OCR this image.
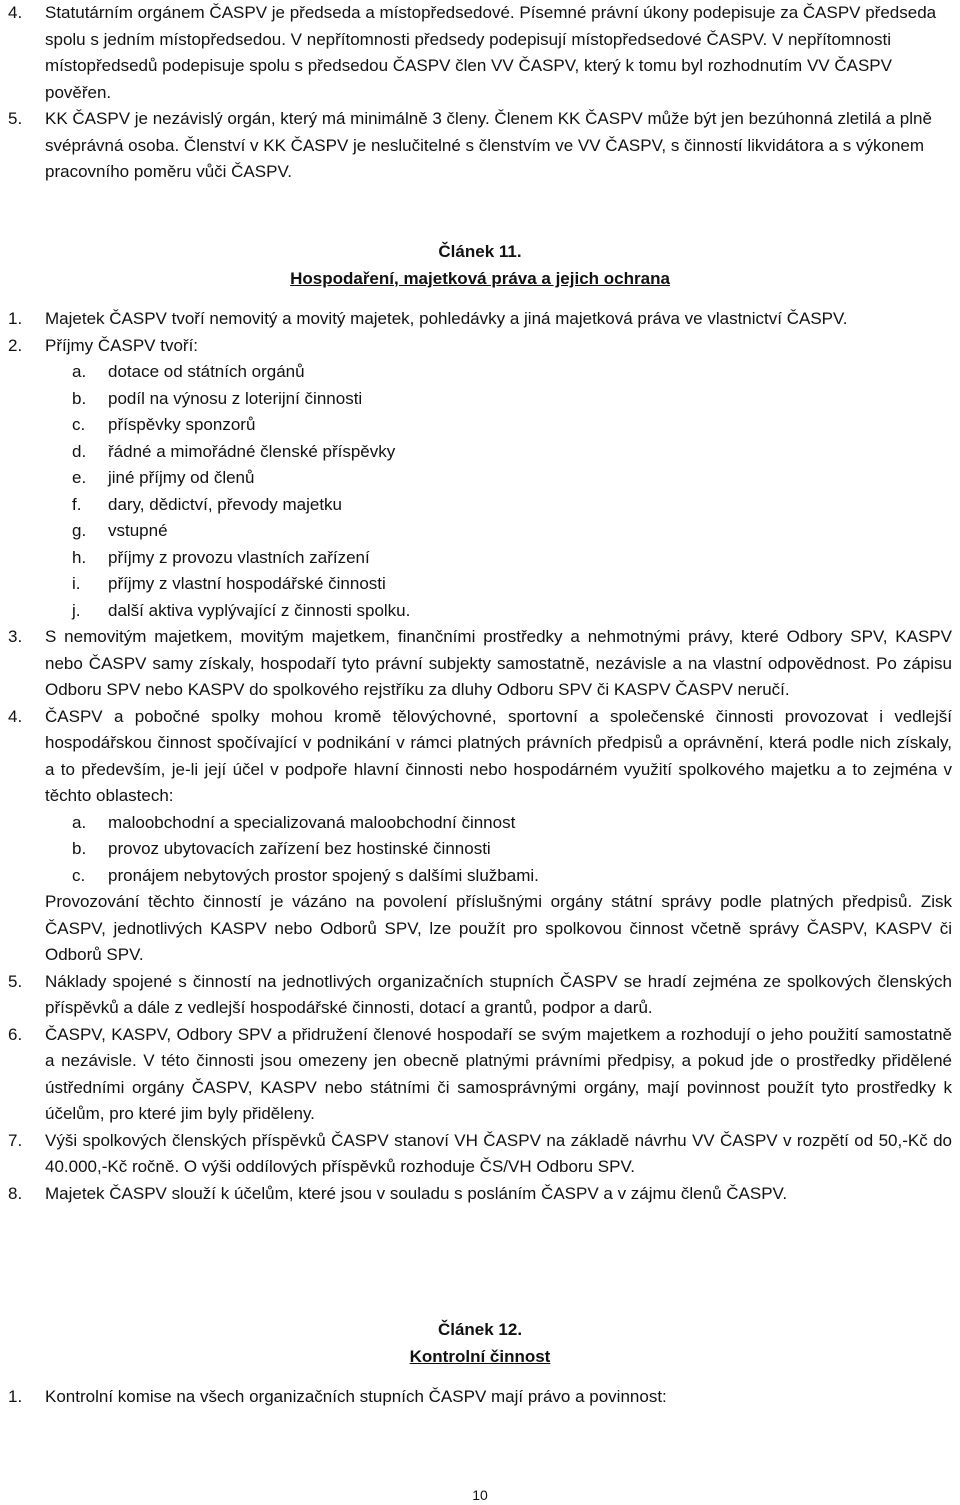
4. Statutárním orgánem ČASPV je předseda a místopředsedové. Písemné právní úkony podepisuje za ČASPV předseda spolu s jedním místopředsedou. V nepřítomnosti předsedy podepisují místopředsedové ČASPV. V nepřítomnosti místopředsedů podepisuje spolu s předsedou ČASPV člen VV ČASPV, který k tomu byl rozhodnutím VV ČASPV pověřen.
5. KK ČASPV je nezávislý orgán, který má minimálně 3 členy. Členem KK ČASPV může být jen bezúhonná zletilá a plně svéprávná osoba. Členství v KK ČASPV je neslučitelné s členstvím ve VV ČASPV, s činností likvidátora a s výkonem pracovního poměru vůči ČASPV.
Článek 11.
Hospodaření, majetková práva a jejich ochrana
1. Majetek ČASPV tvoří nemovitý a movitý majetek, pohledávky a jiná majetková práva ve vlastnictví ČASPV.
2. Příjmy ČASPV tvoří:
a. dotace od státních orgánů
b. podíl na výnosu z loterijní činnosti
c. příspěvky sponzorů
d. řádné a mimořádné členské příspěvky
e. jiné příjmy od členů
f. dary, dědictví, převody majetku
g. vstupné
h. příjmy z provozu vlastních zařízení
i. příjmy z vlastní hospodářské činnosti
j. další aktiva vyplývající z činnosti spolku.
3. S nemovitým majetkem, movitým majetkem, finančními prostředky a nehmotnými právy, které Odbory SPV, KASPV nebo ČASPV samy získaly, hospodaří tyto právní subjekty samostatně, nezávisle a na vlastní odpovědnost. Po zápisu Odboru SPV nebo KASPV do spolkového rejstříku za dluhy Odboru SPV či KASPV ČASPV neručí.
4. ČASPV a pobočné spolky mohou kromě tělovýchovné, sportovní a společenské činnosti provozovat i vedlejší hospodářskou činnost spočívající v podnikání v rámci platných právních předpisů a oprávnění, která podle nich získaly, a to především, je-li její účel v podpoře hlavní činnosti nebo hospodárném využití spolkového majetku a to zejména v těchto oblastech:
a. maloobchodní a specializovaná maloobchodní činnost
b. provoz ubytovacích zařízení bez hostinské činnosti
c. pronájem nebytových prostor spojený s dalšími službami.
Provozování těchto činností je vázáno na povolení příslušnými orgány státní správy podle platných předpisů. Zisk ČASPV, jednotlivých KASPV nebo Odborů SPV, lze použít pro spolkovou činnost včetně správy ČASPV, KASPV či Odborů SPV.
5. Náklady spojené s činností na jednotlivých organizačních stupních ČASPV se hradí zejména ze spolkových členských příspěvků a dále z vedlejší hospodářské činnosti, dotací a grantů, podpor a darů.
6. ČASPV, KASPV, Odbory SPV a přidružení členové hospodaří se svým majetkem a rozhodují o jeho použití samostatně a nezávisle. V této činnosti jsou omezeny jen obecně platnými právními předpisy, a pokud jde o prostředky přidělené ústředními orgány ČASPV, KASPV nebo státními či samosprávnými orgány, mají povinnost použít tyto prostředky k účelům, pro které jim byly přiděleny.
7. Výši spolkových členských příspěvků ČASPV stanoví VH ČASPV na základě návrhu VV ČASPV v rozpětí od 50,-Kč do 40.000,-Kč ročně. O výši oddílových příspěvků rozhoduje ČS/VH Odboru SPV.
8. Majetek ČASPV slouží k účelům, které jsou v souladu s posláním ČASPV a v zájmu členů ČASPV.
Článek 12.
Kontrolní činnost
1. Kontrolní komise na všech organizačních stupních ČASPV mají právo a povinnost:
10
